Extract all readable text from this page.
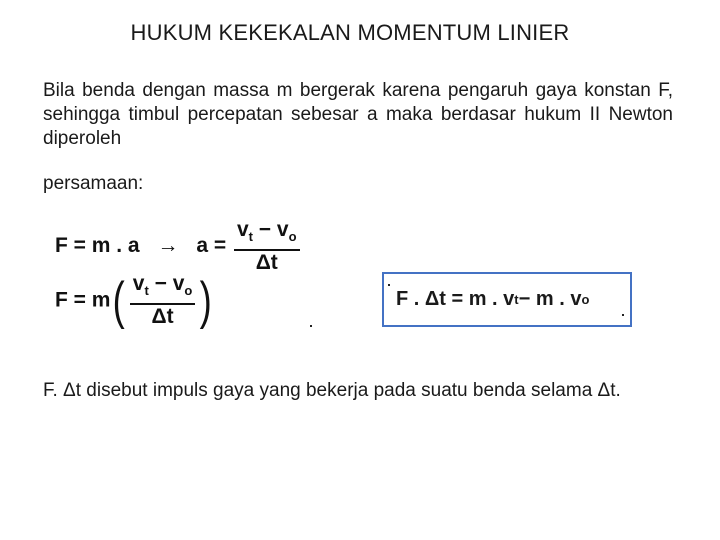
HUKUM KEKEKALAN MOMENTUM LINIER
Bila benda dengan massa m bergerak karena pengaruh gaya konstan F, sehingga timbul percepatan sebesar a maka berdasar hukum II Newton diperoleh
persamaan:
F = m . $a \to a = \frac{v_t - v_o}{\Delta t}$
$F = m( \frac{v_t - v_o}{\Delta t}$ )	F . Δt = m . v t − m . v o
F. Δt disebut impuls gaya yang bekerja pada suatu benda selama Δt.
